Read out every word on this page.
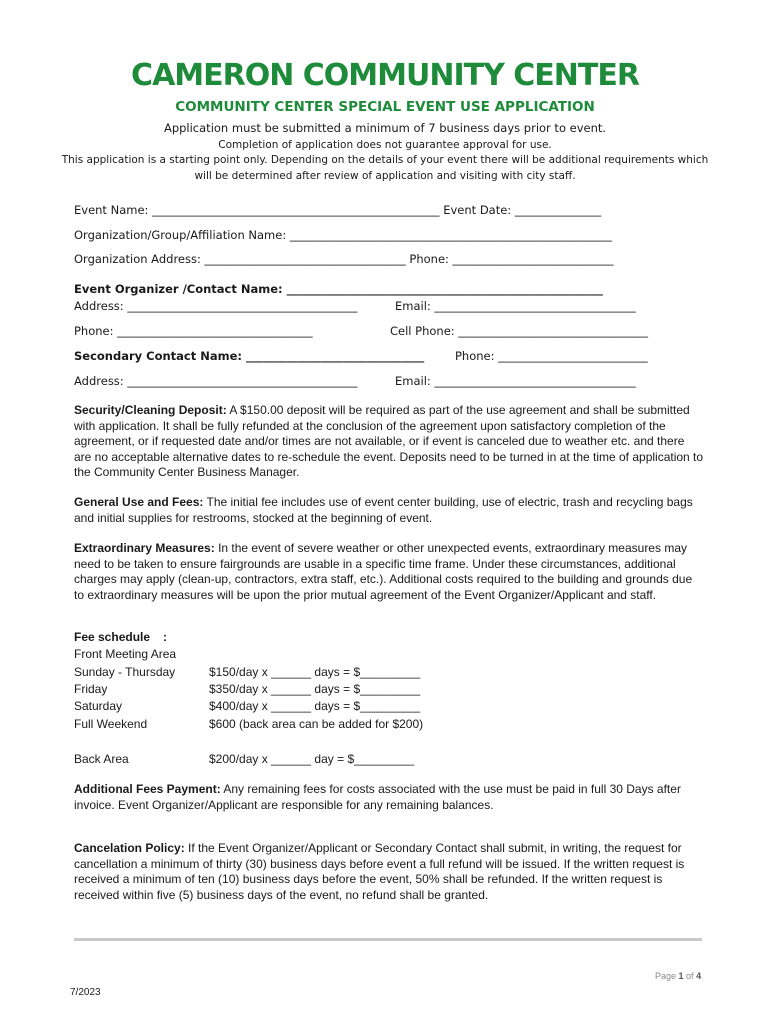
CAMERON COMMUNITY CENTER
COMMUNITY CENTER SPECIAL EVENT USE APPLICATION
Application must be submitted a minimum of 7 business days prior to event.
Completion of application does not guarantee approval for use.
This application is a starting point only. Depending on the details of your event there will be additional requirements which
will be determined after review of application and visiting with city staff.
Event Name: __________________________________________________ Event Date: _______________
Organization/Group/Affiliation Name: ________________________________________________________
Organization Address: ___________________________________ Phone: ____________________________
Event Organizer /Contact Name: _______________________________________________________
Address: ________________________________________	Email: ___________________________________
Phone: __________________________________	Cell Phone: _________________________________
Secondary Contact Name: _______________________________	Phone: __________________________
Address: ________________________________________	Email: ___________________________________

Security/Cleaning Deposit: A $150.00 deposit will be required as part of the use agreement and shall be submitted with application. It shall be fully refunded at the conclusion of the agreement upon satisfactory completion of the agreement, or if requested date and/or times are not available, or if event is canceled due to weather etc. and there are no acceptable alternative dates to re-schedule the event. Deposits need to be turned in at the time of application to the Community Center Business Manager.

General Use and Fees: The initial fee includes use of event center building, use of electric, trash and recycling bags and initial supplies for restrooms, stocked at the beginning of event.

Extraordinary Measures: In the event of severe weather or other unexpected events, extraordinary measures may need to be taken to ensure fairgrounds are usable in a specific time frame. Under these circumstances, additional charges may apply (clean-up, contractors, extra staff, etc.). Additional costs required to the building and grounds due to extraordinary measures will be upon the prior mutual agreement of the Event Organizer/Applicant and staff.

Fee schedule :
Front Meeting Area
Sunday - Thursday	$150/day x ______ days = $_________
Friday	$350/day x ______ days = $_________
Saturday	$400/day x ______ days = $_________
Full Weekend	$600 (back area can be added for $200)
Back Area	$200/day x ______ day = $_________

Additional Fees Payment: Any remaining fees for costs associated with the use must be paid in full 30 Days after invoice. Event Organizer/Applicant are responsible for any remaining balances.

Cancelation Policy: If the Event Organizer/Applicant or Secondary Contact shall submit, in writing, the request for cancellation a minimum of thirty (30) business days before event a full refund will be issued. If the written request is received a minimum of ten (10) business days before the event, 50% shall be refunded. If the written request is received within five (5) business days of the event, no refund shall be granted.

Page 1 of 4
7/2023
